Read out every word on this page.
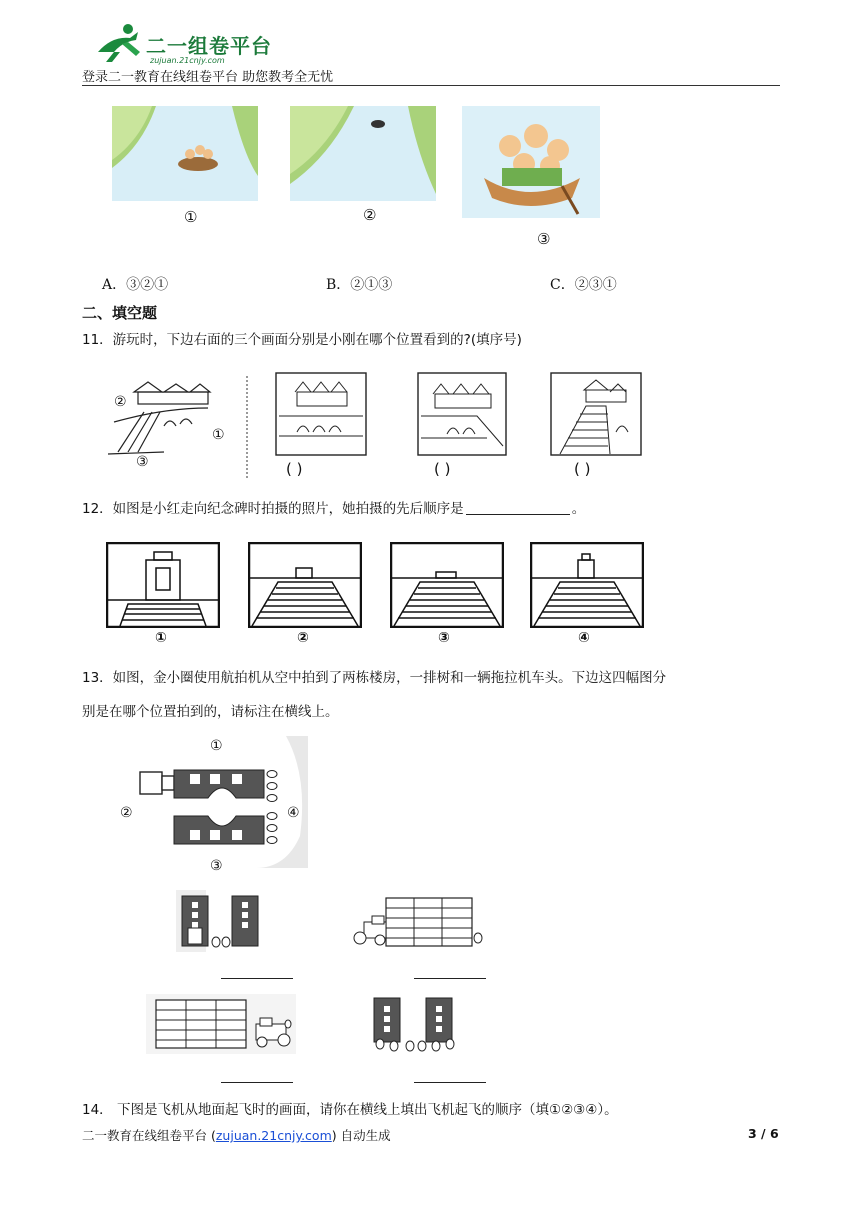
二一组卷平台
zujuan.21cnjy.com
登录二一教育在线组卷平台 助您教考全无忧
①	②
③
A．③②①	B．②①③	C．②③①
二、填空题
11．游玩时，下边右面的三个画面分别是小刚在哪个位置看到的?(填序号)
②
①
③	( )	( )	( )
12．如图是小红走向纪念碑时拍摄的照片，她拍摄的先后顺序是	。
①	②	③	④
13．如图，金小圈使用航拍机从空中拍到了两栋楼房，一排树和一辆拖拉机车头。下边这四幅图分
别是在哪个位置拍到的，请标注在横线上。
①
②	④
③
14． 下图是飞机从地面起飞时的画面，请你在横线上填出飞机起飞的顺序（填①②③④）。
二一教育在线组卷平台 (zujuan.21cnjy.com) 自动生成	3 / 6
